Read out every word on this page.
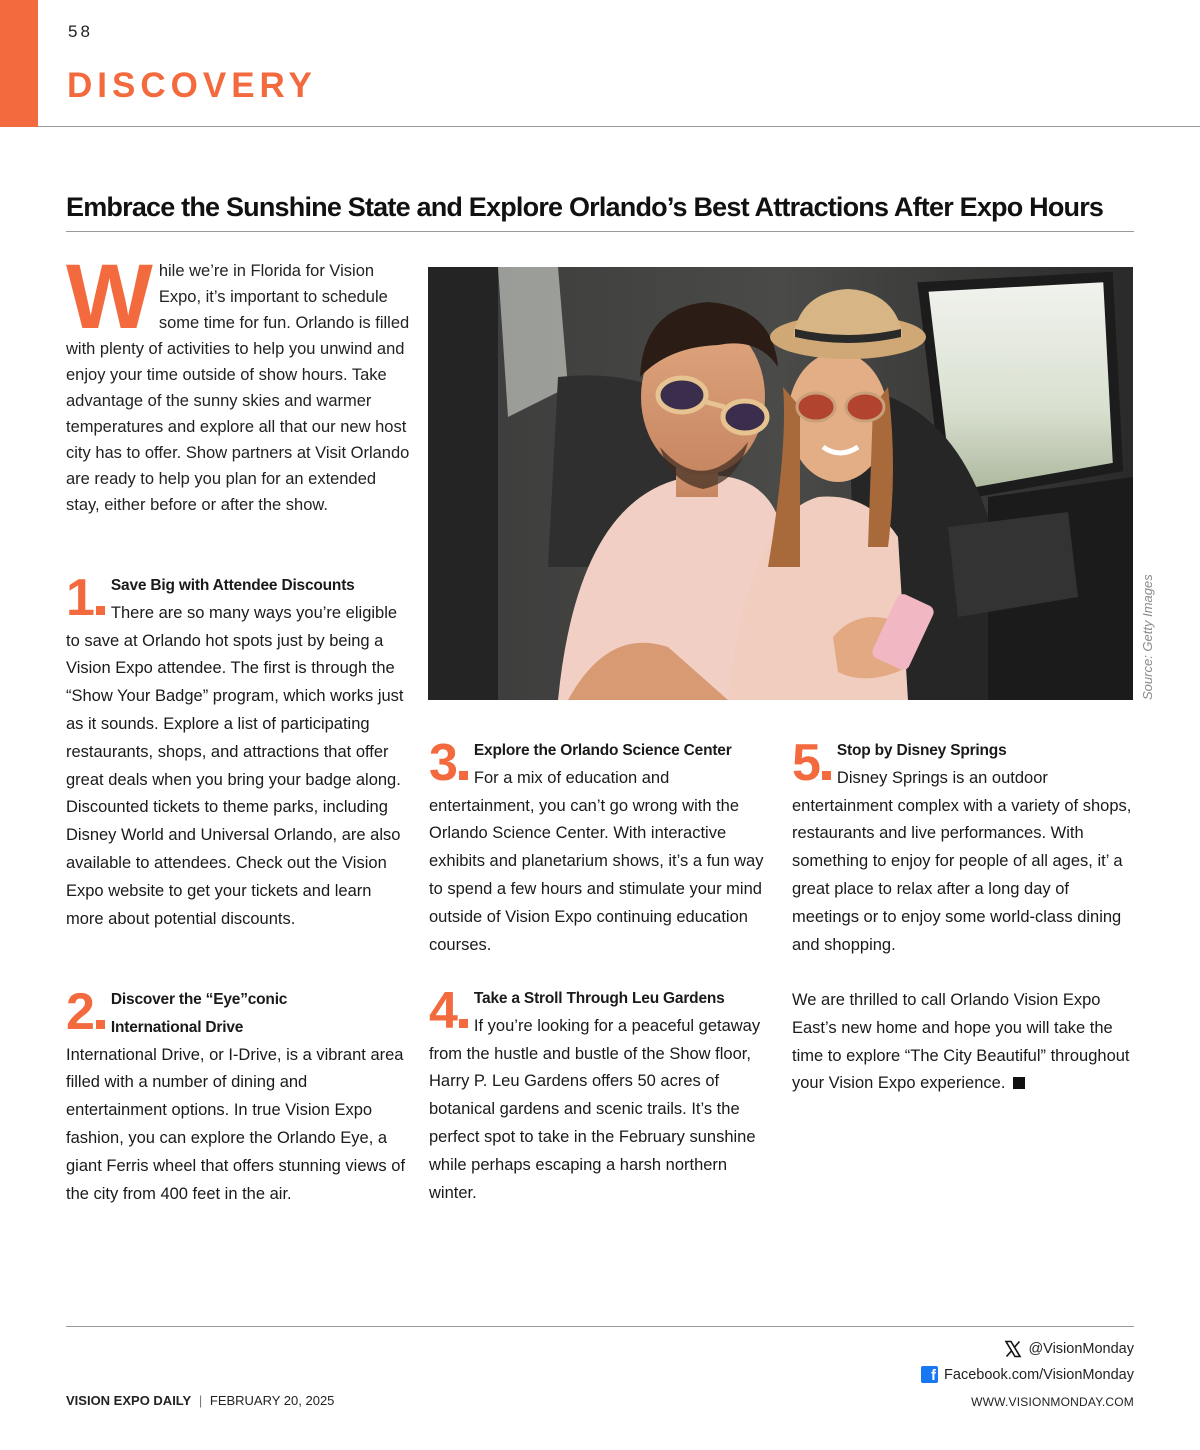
58
DISCOVERY
Embrace the Sunshine State and Explore Orlando’s Best Attractions After Expo Hours
While we’re in Florida for Vision Expo, it’s important to schedule some time for fun. Orlando is filled with plenty of activities to help you unwind and enjoy your time outside of show hours. Take advantage of the sunny skies and warmer temperatures and explore all that our new host city has to offer. Show partners at Visit Orlando are ready to help you plan for an extended stay, either before or after the show.
1	Save Big with Attendee Discounts
There are so many ways you’re eligible to save at Orlando hot spots just by being a Vision Expo attendee. The first is through the “Show Your Badge” program, which works just as it sounds. Explore a list of participating restaurants, shops, and attractions that offer great deals when you bring your badge along. Discounted tickets to theme parks, including Disney World and Universal Orlando, are also available to attendees. Check out the Vision Expo website to get your tickets and learn more about potential discounts.

2	Discover the “Eye”conic International Drive
International Drive, or I-Drive, is a vibrant area filled with a number of dining and entertainment options. In true Vision Expo fashion, you can explore the Orlando Eye, a giant Ferris wheel that offers stunning views of the city from 400 feet in the air.

3	Explore the Orlando Science Center
For a mix of education and entertainment, you can’t go wrong with the Orlando Science Center. With interactive exhibits and planetarium shows, it’s a fun way to spend a few hours and stimulate your mind outside of Vision Expo continuing education courses.

4	Take a Stroll Through Leu Gardens
If you’re looking for a peaceful getaway from the hustle and bustle of the Show floor, Harry P. Leu Gardens offers 50 acres of botanical gardens and scenic trails. It’s the perfect spot to take in the February sunshine while perhaps escaping a harsh northern winter.

5	Stop by Disney Springs
Disney Springs is an outdoor entertainment complex with a variety of shops, restaurants and live performances. With something to enjoy for people of all ages, it’ a great place to relax after a long day of meetings or to enjoy some world-class dining and shopping.

We are thrilled to call Orlando Vision Expo East’s new home and hope you will take the time to explore “The City Beautiful” throughout your Vision Expo experience.
Source: Getty Images
@VisionMonday
f Facebook.com/VisionMonday
VISION EXPO DAILY | FEBRUARY 20, 2025	WWW.VISIONMONDAY.COM
